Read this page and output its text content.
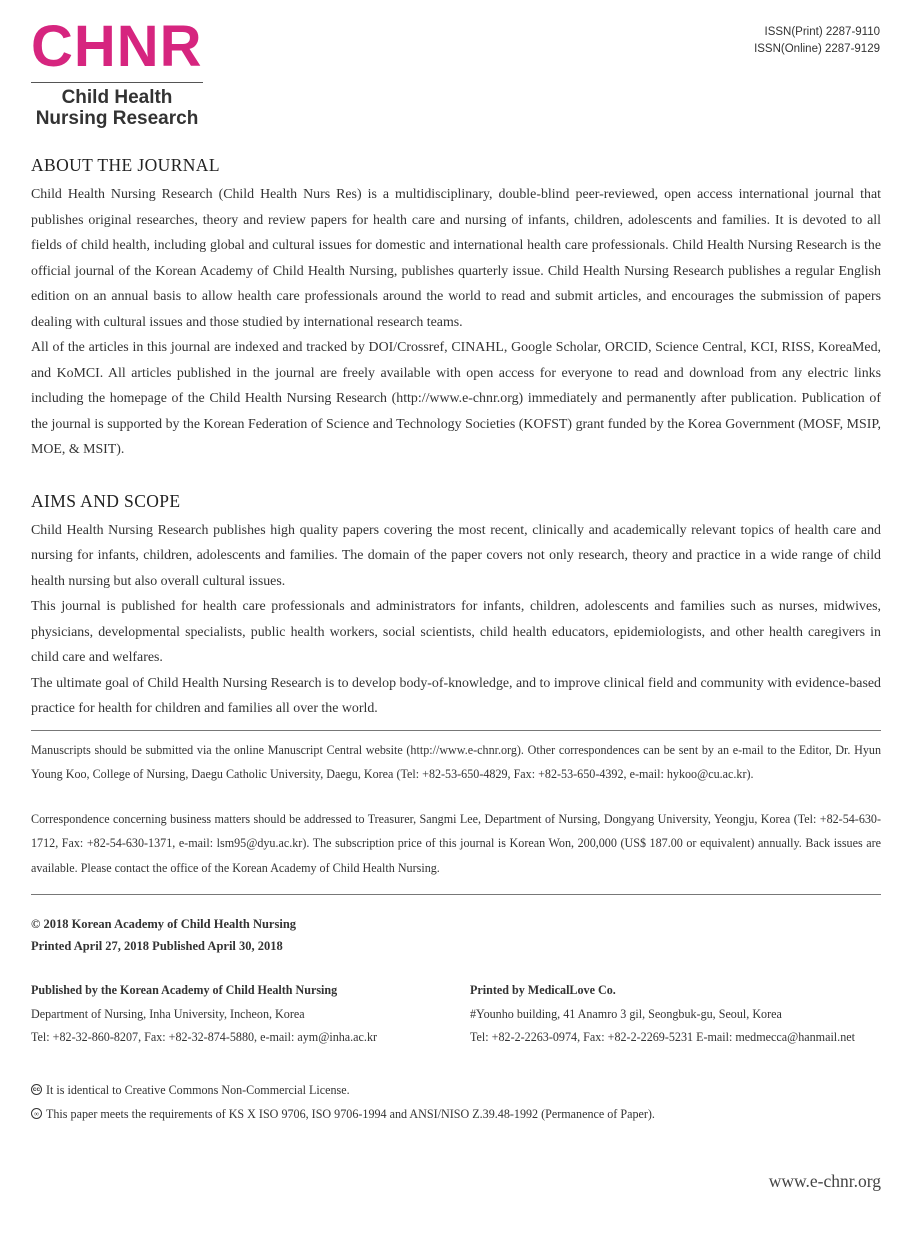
CHNR
Child Health
Nursing Research
ISSN(Print) 2287-9110
ISSN(Online) 2287-9129
ABOUT THE JOURNAL

Child Health Nursing Research (Child Health Nurs Res) is a multidisciplinary, double-blind peer-reviewed, open access international journal that publishes original researches, theory and review papers for health care and nursing of infants, children, adolescents and families. It is devoted to all fields of child health, including global and cultural issues for domestic and international health care professionals. Child Health Nursing Research is the official journal of the Korean Academy of Child Health Nursing, publishes quarterly issue. Child Health Nursing Research publishes a regular English edition on an annual basis to allow health care professionals around the world to read and submit articles, and encourages the submission of papers dealing with cultural issues and those studied by international research teams.

All of the articles in this journal are indexed and tracked by DOI/Crossref, CINAHL, Google Scholar, ORCID, Science Central, KCI, RISS, KoreaMed, and KoMCI. All articles published in the journal are freely available with open access for everyone to read and download from any electric links including the homepage of the Child Health Nursing Research (http://www.e-chnr.org) immediately and permanently after publication. Publication of the journal is supported by the Korean Federation of Science and Technology Societies (KOFST) grant funded by the Korea Government (MOSF, MSIP, MOE, & MSIT).

AIMS AND SCOPE

Child Health Nursing Research publishes high quality papers covering the most recent, clinically and academically relevant topics of health care and nursing for infants, children, adolescents and families. The domain of the paper covers not only research, theory and practice in a wide range of child health nursing but also overall cultural issues.

This journal is published for health care professionals and administrators for infants, children, adolescents and families such as nurses, midwives, physicians, developmental specialists, public health workers, social scientists, child health educators, epidemiologists, and other health caregivers in child care and welfares.

The ultimate goal of Child Health Nursing Research is to develop body-of-knowledge, and to improve clinical field and community with evidence-based practice for health for children and families all over the world.

Manuscripts should be submitted via the online Manuscript Central website (http://www.e-chnr.org). Other correspondences can be sent by an e-mail to the Editor, Dr. Hyun Young Koo, College of Nursing, Daegu Catholic University, Daegu, Korea (Tel: +82-53-650-4829, Fax: +82-53-650-4392, e-mail: hykoo@cu.ac.kr).

Correspondence concerning business matters should be addressed to Treasurer, Sangmi Lee, Department of Nursing, Dongyang University, Yeongju, Korea (Tel: +82-54-630-1712, Fax: +82-54-630-1371, e-mail: lsm95@dyu.ac.kr). The subscription price of this journal is Korean Won, 200,000 (US$ 187.00 or equivalent) annually. Back issues are available. Please contact the office of the Korean Academy of Child Health Nursing.

© 2018 Korean Academy of Child Health Nursing
Printed April 27, 2018 Published April 30, 2018
Published by the Korean Academy of Child Health Nursing
Department of Nursing, Inha University, Incheon, Korea
Tel: +82-32-860-8207, Fax: +82-32-874-5880, e-mail: aym@inha.ac.kr
Printed by MedicalLove Co.
#Younho building, 41 Anamro 3 gil, Seongbuk-gu, Seoul, Korea
Tel: +82-2-2263-0974, Fax: +82-2-2269-5231 E-mail: medmecca@hanmail.net
cc It is identical to Creative Commons Non-Commercial License.
∞ This paper meets the requirements of KS X ISO 9706, ISO 9706-1994 and ANSI/NISO Z.39.48-1992 (Permanence of Paper).
www.e-chnr.org
